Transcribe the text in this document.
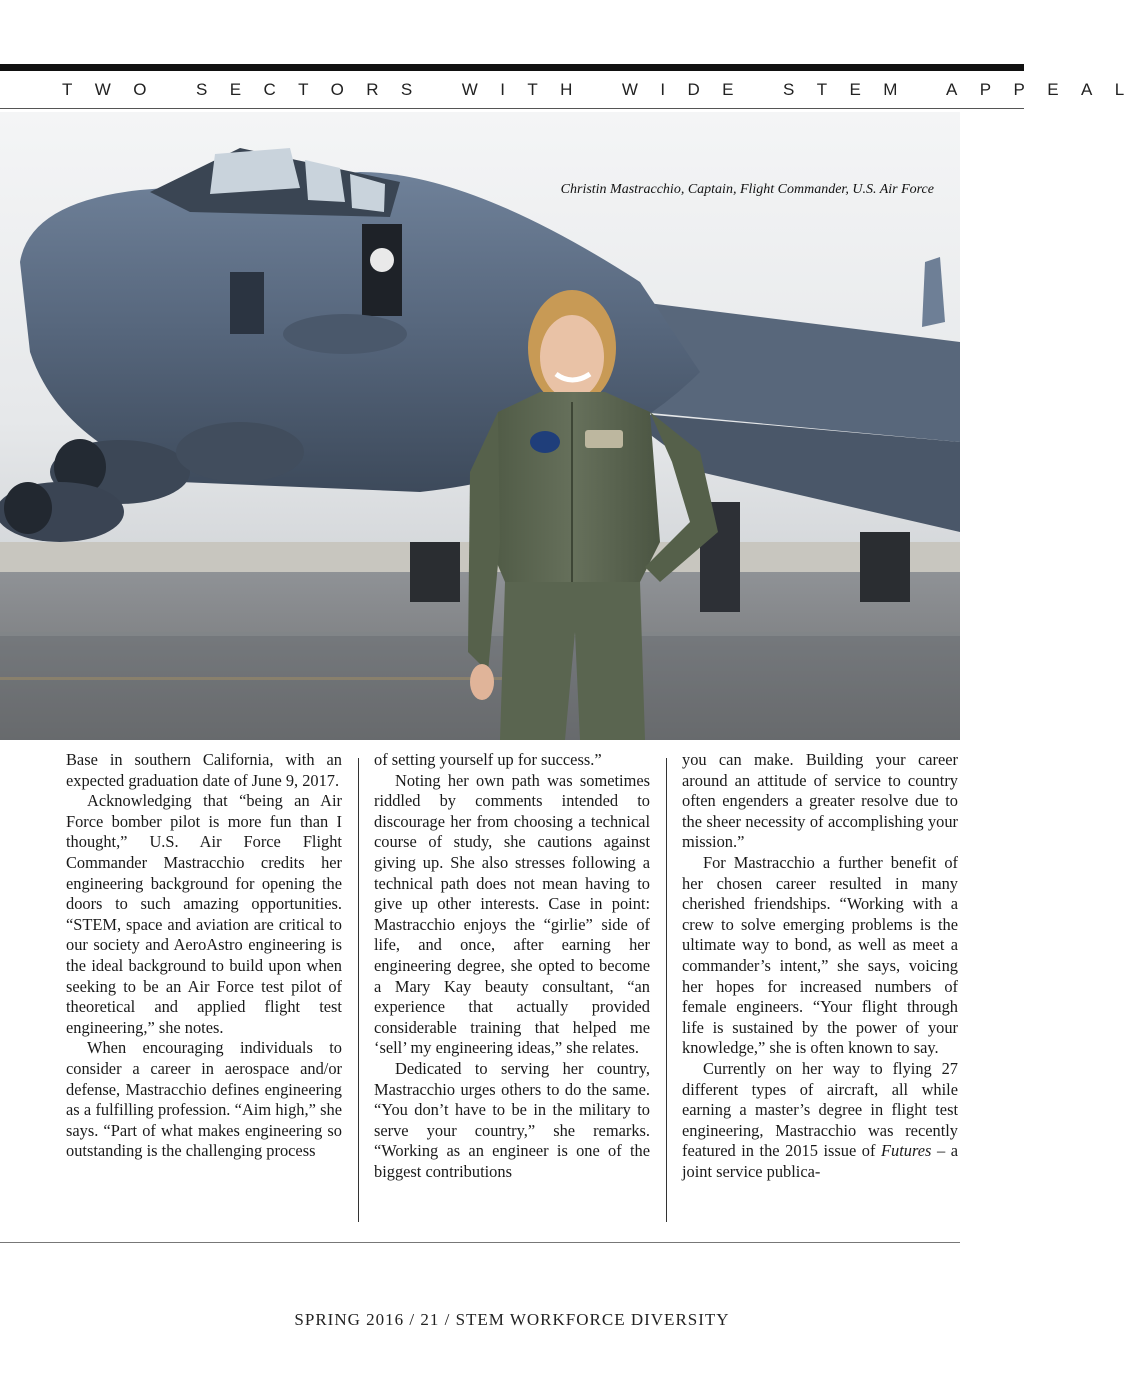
TWO SECTORS WITH WIDE STEM APPEAL
Christin Mastracchio, Captain, Flight Commander, U.S. Air Force

Base in southern California, with an expected graduation date of June 9, 2017.

Acknowledging that “being an Air Force bomber pilot is more fun than I thought,” U.S. Air Force Flight Commander Mastracchio credits her engineering background for opening the doors to such amazing opportunities. “STEM, space and aviation are critical to our society and AeroAstro engineering is the ideal background to build upon when seeking to be an Air Force test pilot of theoretical and applied flight test engineering,” she notes.

When encouraging individuals to consider a career in aerospace and/or defense, Mastracchio defines engineering as a fulfilling profession. “Aim high,” she says. “Part of what makes engineering so outstanding is the challenging process

of setting yourself up for success.”

Noting her own path was sometimes riddled by comments intended to discourage her from choosing a technical course of study, she cautions against giving up. She also stresses following a technical path does not mean having to give up other interests. Case in point: Mastracchio enjoys the “girlie” side of life, and once, after earning her engineering degree, she opted to become a Mary Kay beauty consultant, “an experience that actually provided considerable training that helped me ‘sell’ my engineering ideas,” she relates.

Dedicated to serving her country, Mastracchio urges others to do the same. “You don’t have to be in the military to serve your country,” she remarks. “Working as an engineer is one of the biggest contributions

you can make. Building your career around an attitude of service to country often engenders a greater resolve due to the sheer necessity of accomplishing your mission.”

For Mastracchio a further benefit of her chosen career resulted in many cherished friendships. “Working with a crew to solve emerging problems is the ultimate way to bond, as well as meet a commander’s intent,” she says, voicing her hopes for increased numbers of female engineers. “Your flight through life is sustained by the power of your knowledge,” she is often known to say.

Currently on her way to flying 27 different types of aircraft, all while earning a master’s degree in flight test engineering, Mastracchio was recently featured in the 2015 issue of Futures – a joint service publica-

SPRING 2016 / 21 / STEM WORKFORCE DIVERSITY
